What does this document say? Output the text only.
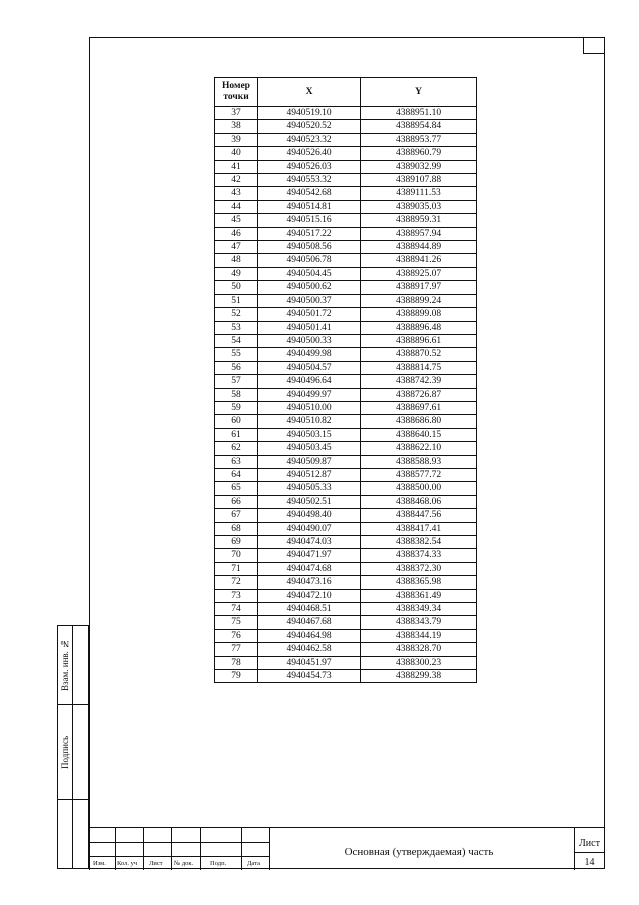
Взам. инв. №
Подпись
Номер точки	X	Y
37	4940519.10	4388951.10
38	4940520.52	4388954.84
39	4940523.32	4388953.77
40	4940526.40	4388960.79
41	4940526.03	4389032.99
42	4940553.32	4389107.88
43	4940542.68	4389111.53
44	4940514.81	4389035.03
45	4940515.16	4388959.31
46	4940517.22	4388957.94
47	4940508.56	4388944.89
48	4940506.78	4388941.26
49	4940504.45	4388925.07
50	4940500.62	4388917.97
51	4940500.37	4388899.24
52	4940501.72	4388899.08
53	4940501.41	4388896.48
54	4940500.33	4388896.61
55	4940499.98	4388870.52
56	4940504.57	4388814.75
57	4940496.64	4388742.39
58	4940499.97	4388726.87
59	4940510.00	4388697.61
60	4940510.82	4388686.80
61	4940503.15	4388640.15
62	4940503.45	4388622.10
63	4940509.87	4388588.93
64	4940512.87	4388577.72
65	4940505.33	4388500.00
66	4940502.51	4388468.06
67	4940498.40	4388447.56
68	4940490.07	4388417.41
69	4940474.03	4388382.54
70	4940471.97	4388374.33
71	4940474.68	4388372.30
72	4940473.16	4388365.98
73	4940472.10	4388361.49
74	4940468.51	4388349.34
75	4940467.68	4388343.79
76	4940464.98	4388344.19
77	4940462.58	4388328.70
78	4940451.97	4388300.23
79	4940454.73	4388299.38
Изм. Кол. уч Лист № док.	Подп.	Дата
Основная (утверждаемая) часть
Лист
14
